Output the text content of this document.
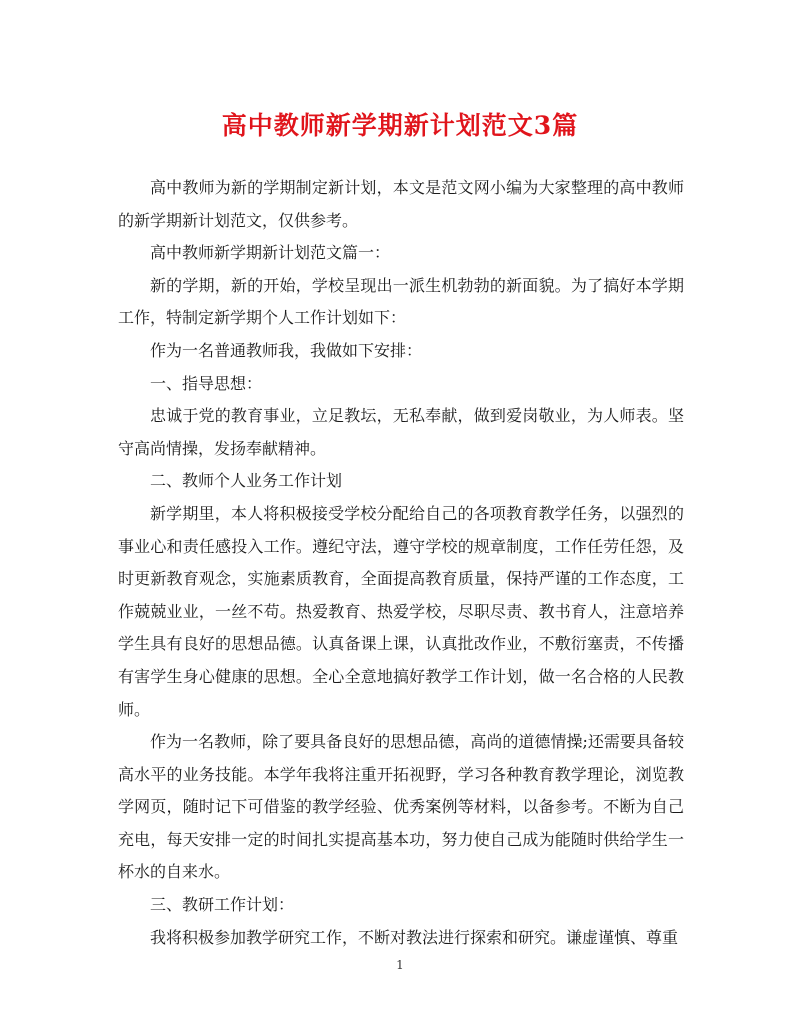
高中教师新学期新计划范文3篇

高中教师为新的学期制定新计划，本文是范文网小编为大家整理的高中教师的新学期新计划范文，仅供参考。

高中教师新学期新计划范文篇一：

新的学期，新的开始，学校呈现出一派生机勃勃的新面貌。为了搞好本学期工作，特制定新学期个人工作计划如下：

作为一名普通教师我，我做如下安排：

一、指导思想：

忠诚于党的教育事业，立足教坛，无私奉献，做到爱岗敬业，为人师表。坚守高尚情操，发扬奉献精神。

二、教师个人业务工作计划

新学期里，本人将积极接受学校分配给自己的各项教育教学任务，以强烈的事业心和责任感投入工作。遵纪守法，遵守学校的规章制度，工作任劳任怨，及时更新教育观念，实施素质教育，全面提高教育质量，保持严谨的工作态度，工作兢兢业业，一丝不苟。热爱教育、热爱学校，尽职尽责、教书育人，注意培养学生具有良好的思想品德。认真备课上课，认真批改作业，不敷衍塞责，不传播有害学生身心健康的思想。全心全意地搞好教学工作计划，做一名合格的人民教师。

作为一名教师，除了要具备良好的思想品德，高尚的道德情操;还需要具备较高水平的业务技能。本学年我将注重开拓视野，学习各种教育教学理论，浏览教学网页，随时记下可借鉴的教学经验、优秀案例等材料，以备参考。不断为自己充电，每天安排一定的时间扎实提高基本功，努力使自己成为能随时供给学生一杯水的自来水。

三、教研工作计划：

我将积极参加教学研究工作，不断对教法进行探索和研究。谦虚谨慎、尊重

1
